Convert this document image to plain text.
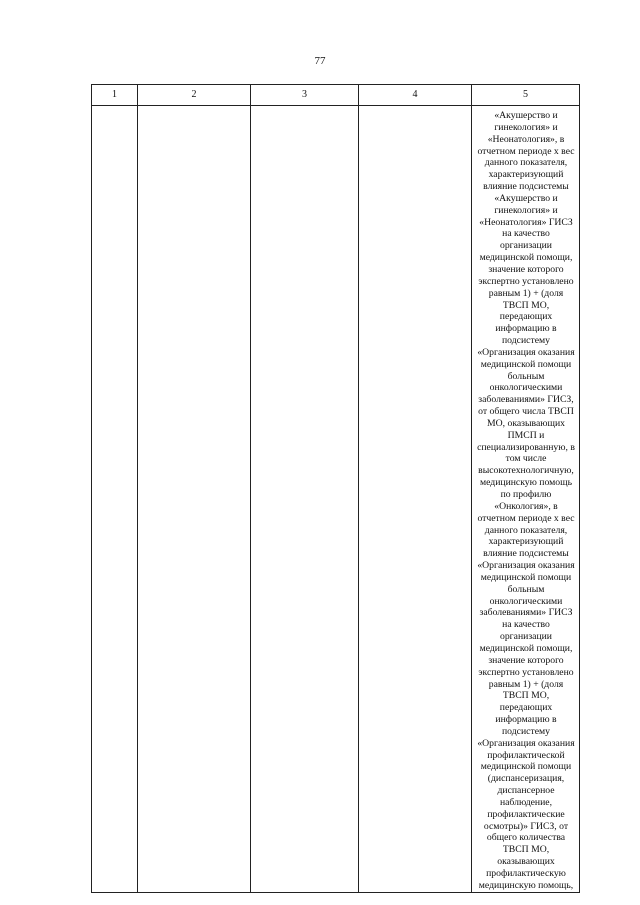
77
1	2	3	4	5

				«Акушерство и гинекология» и «Неонатология», в отчетном периоде х вес данного показателя, характеризующий влияние подсистемы «Акушерство и гинекология» и «Неонатология» ГИСЗ на качество организации медицинской помощи, значение которого экспертно установлено равным 1) + (доля ТВСП МО, передающих информацию в подсистему «Организация оказания медицинской помощи больным онкологическими заболеваниями» ГИСЗ, от общего числа ТВСП МО, оказывающих ПМСП и специализированную, в том числе высокотехнологичную, медицинскую помощь по профилю «Онкология», в отчетном периоде х вес данного показателя, характеризующий влияние подсистемы «Организация оказания медицинской помощи больным онкологическими заболеваниями» ГИСЗ на качество организации медицинской помощи, значение которого экспертно установлено равным 1) + (доля ТВСП МО, передающих информацию в подсистему «Организация оказания профилактической медицинской помощи (диспансеризация, диспансерное наблюдение, профилактические осмотры)» ГИСЗ, от общего количества ТВСП МО, оказывающих профилактическую медицинскую помощь,
